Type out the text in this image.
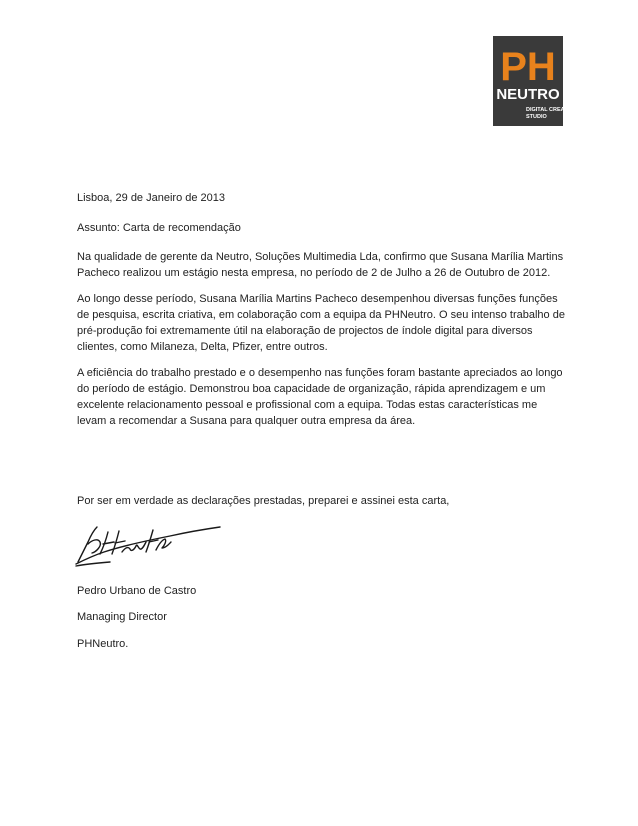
PH
NEUTRO
DIGITAL CREATIVE
STUDIO

Lisboa, 29 de Janeiro de 2013

Assunto: Carta de recomendação

Na qualidade de gerente da Neutro, Soluções Multimedia Lda, confirmo que Susana Marília Martins Pacheco realizou um estágio nesta empresa, no período de 2 de Julho a 26 de Outubro de 2012.

Ao longo desse período, Susana Marília Martins Pacheco desempenhou diversas funções funções de pesquisa, escrita criativa, em colaboração com a equipa da PHNeutro. O seu intenso trabalho de pré-produção foi extremamente útil na elaboração de projectos de índole digital para diversos clientes, como Milaneza, Delta, Pfizer, entre outros.

A eficiência do trabalho prestado e o desempenho nas funções foram bastante apreciados ao longo do período de estágio. Demonstrou boa capacidade de organização, rápida aprendizagem e um excelente relacionamento pessoal e profissional com a equipa. Todas estas características me levam a recomendar a Susana para qualquer outra empresa da área.

Por ser em verdade as declarações prestadas, preparei e assinei esta carta,

Pedro Urbano de Castro

Managing Director

PHNeutro.
